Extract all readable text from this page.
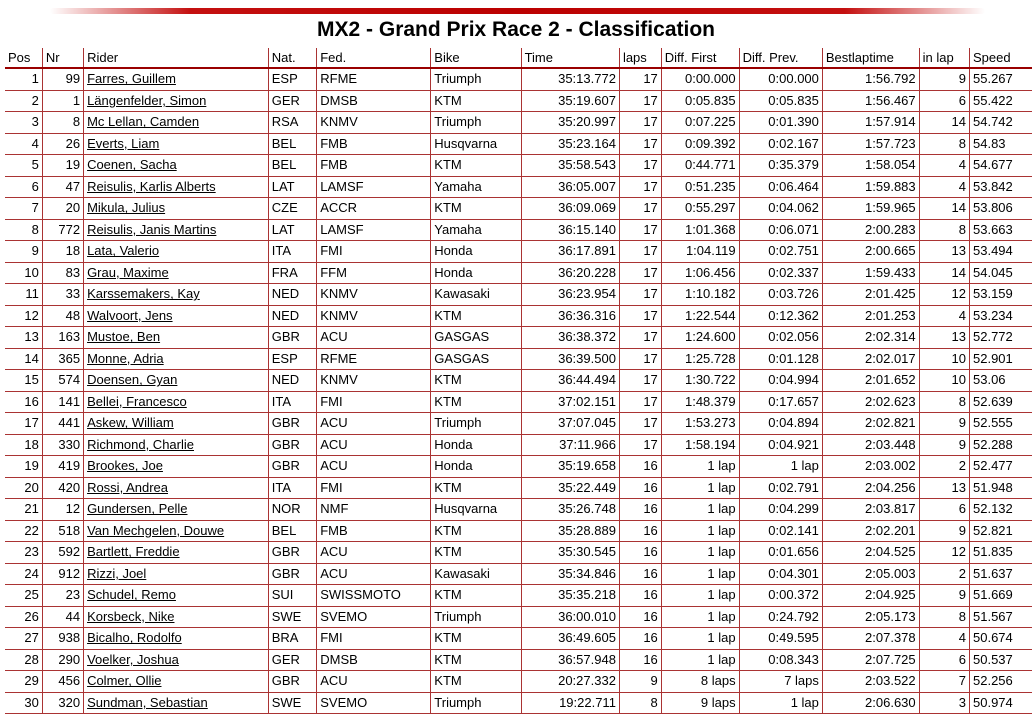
MX2 - Grand Prix Race 2 - Classification
Pos	Nr	Rider	Nat.	Fed.	Bike	Time	laps	Diff. First	Diff. Prev.	Bestlaptime	in lap	Speed
1	99	Farres, Guillem	ESP	RFME	Triumph	35:13.772	17	0:00.000	0:00.000	1:56.792	9	55.267
2	1	Längenfelder, Simon	GER	DMSB	KTM	35:19.607	17	0:05.835	0:05.835	1:56.467	6	55.422
3	8	Mc Lellan, Camden	RSA	KNMV	Triumph	35:20.997	17	0:07.225	0:01.390	1:57.914	14	54.742
4	26	Everts, Liam	BEL	FMB	Husqvarna	35:23.164	17	0:09.392	0:02.167	1:57.723	8	54.83
5	19	Coenen, Sacha	BEL	FMB	KTM	35:58.543	17	0:44.771	0:35.379	1:58.054	4	54.677
6	47	Reisulis, Karlis Alberts	LAT	LAMSF	Yamaha	36:05.007	17	0:51.235	0:06.464	1:59.883	4	53.842
7	20	Mikula, Julius	CZE	ACCR	KTM	36:09.069	17	0:55.297	0:04.062	1:59.965	14	53.806
8	772	Reisulis, Janis Martins	LAT	LAMSF	Yamaha	36:15.140	17	1:01.368	0:06.071	2:00.283	8	53.663
9	18	Lata, Valerio	ITA	FMI	Honda	36:17.891	17	1:04.119	0:02.751	2:00.665	13	53.494
10	83	Grau, Maxime	FRA	FFM	Honda	36:20.228	17	1:06.456	0:02.337	1:59.433	14	54.045
11	33	Karssemakers, Kay	NED	KNMV	Kawasaki	36:23.954	17	1:10.182	0:03.726	2:01.425	12	53.159
12	48	Walvoort, Jens	NED	KNMV	KTM	36:36.316	17	1:22.544	0:12.362	2:01.253	4	53.234
13	163	Mustoe, Ben	GBR	ACU	GASGAS	36:38.372	17	1:24.600	0:02.056	2:02.314	13	52.772
14	365	Monne, Adria	ESP	RFME	GASGAS	36:39.500	17	1:25.728	0:01.128	2:02.017	10	52.901
15	574	Doensen, Gyan	NED	KNMV	KTM	36:44.494	17	1:30.722	0:04.994	2:01.652	10	53.06
16	141	Bellei, Francesco	ITA	FMI	KTM	37:02.151	17	1:48.379	0:17.657	2:02.623	8	52.639
17	441	Askew, William	GBR	ACU	Triumph	37:07.045	17	1:53.273	0:04.894	2:02.821	9	52.555
18	330	Richmond, Charlie	GBR	ACU	Honda	37:11.966	17	1:58.194	0:04.921	2:03.448	9	52.288
19	419	Brookes, Joe	GBR	ACU	Honda	35:19.658	16	1 lap	1 lap	2:03.002	2	52.477
20	420	Rossi, Andrea	ITA	FMI	KTM	35:22.449	16	1 lap	0:02.791	2:04.256	13	51.948
21	12	Gundersen, Pelle	NOR	NMF	Husqvarna	35:26.748	16	1 lap	0:04.299	2:03.817	6	52.132
22	518	Van Mechgelen, Douwe	BEL	FMB	KTM	35:28.889	16	1 lap	0:02.141	2:02.201	9	52.821
23	592	Bartlett, Freddie	GBR	ACU	KTM	35:30.545	16	1 lap	0:01.656	2:04.525	12	51.835
24	912	Rizzi, Joel	GBR	ACU	Kawasaki	35:34.846	16	1 lap	0:04.301	2:05.003	2	51.637
25	23	Schudel, Remo	SUI	SWISSMOTO	KTM	35:35.218	16	1 lap	0:00.372	2:04.925	9	51.669
26	44	Korsbeck, Nike	SWE	SVEMO	Triumph	36:00.010	16	1 lap	0:24.792	2:05.173	8	51.567
27	938	Bicalho, Rodolfo	BRA	FMI	KTM	36:49.605	16	1 lap	0:49.595	2:07.378	4	50.674
28	290	Voelker, Joshua	GER	DMSB	KTM	36:57.948	16	1 lap	0:08.343	2:07.725	6	50.537
29	456	Colmer, Ollie	GBR	ACU	KTM	20:27.332	9	8 laps	7 laps	2:03.522	7	52.256
30	320	Sundman, Sebastian	SWE	SVEMO	Triumph	19:22.711	8	9 laps	1 lap	2:06.630	3	50.974
